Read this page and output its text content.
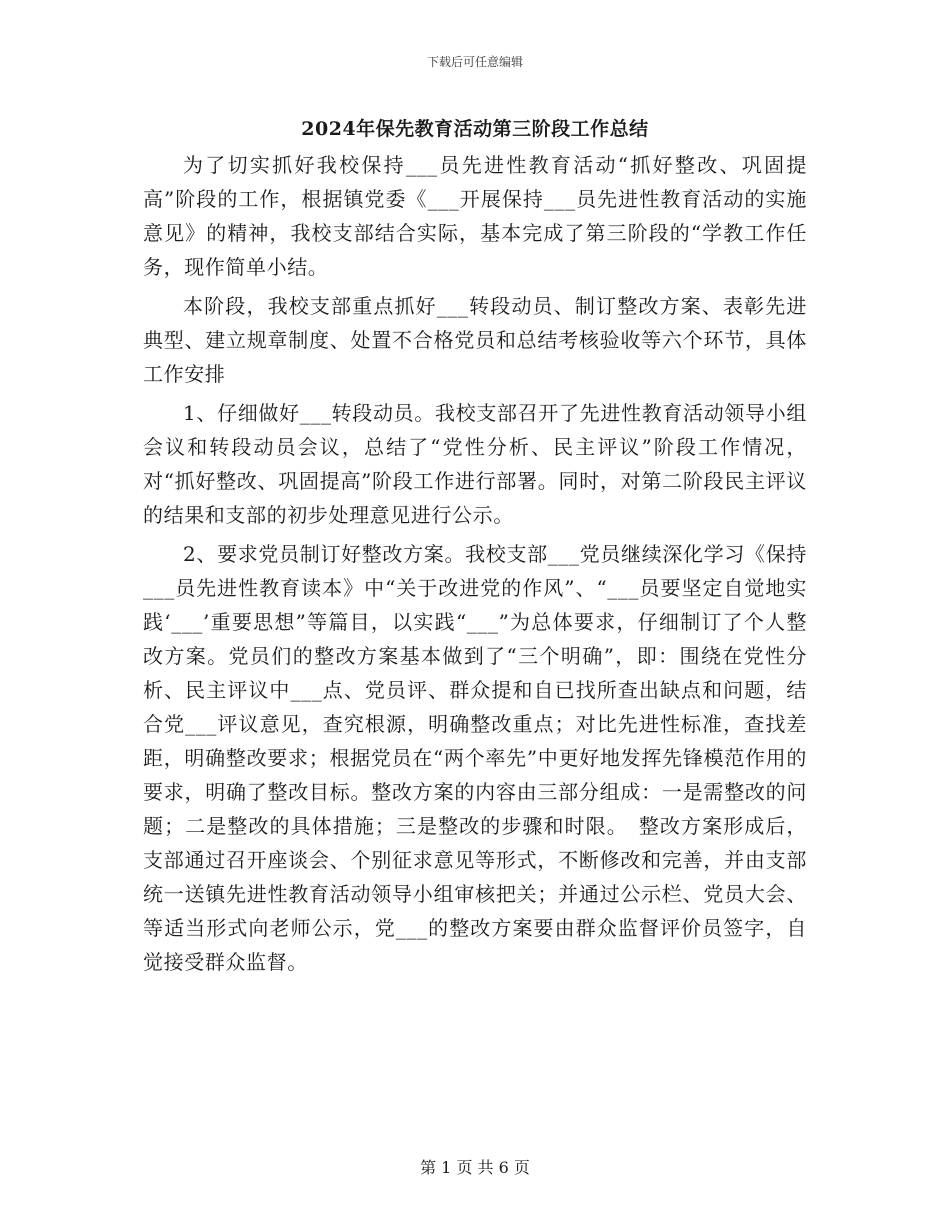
下载后可任意编辑
2024年保先教育活动第三阶段工作总结

为了切实抓好我校保持___员先进性教育活动“抓好整改、巩固提高”阶段的工作，根据镇党委《___开展保持___员先进性教育活动的实施意见》的精神，我校支部结合实际，基本完成了第三阶段的“学教工作任务，现作简单小结。

本阶段，我校支部重点抓好___转段动员、制订整改方案、表彰先进典型、建立规章制度、处置不合格党员和总结考核验收等六个环节，具体工作安排

1、仔细做好___转段动员。我校支部召开了先进性教育活动领导小组会议和转段动员会议，总结了“党性分析、民主评议”阶段工作情况，对“抓好整改、巩固提高”阶段工作进行部署。同时，对第二阶段民主评议的结果和支部的初步处理意见进行公示。

2、要求党员制订好整改方案。我校支部___党员继续深化学习《保持___员先进性教育读本》中“关于改进党的作风”、“___员要坚定自觉地实践‘___’重要思想”等篇目，以实践“___”为总体要求，仔细制订了个人整改方案。党员们的整改方案基本做到了“三个明确”，即：围绕在党性分析、民主评议中___点、党员评、群众提和自已找所查出缺点和问题，结合党___评议意见，查究根源，明确整改重点；对比先进性标准，查找差距，明确整改要求；根据党员在“两个率先”中更好地发挥先锋模范作用的要求，明确了整改目标。整改方案的内容由三部分组成：一是需整改的问题；二是整改的具体措施；三是整改的步骤和时限。　整改方案形成后，支部通过召开座谈会、个别征求意见等形式，不断修改和完善，并由支部统一送镇先进性教育活动领导小组审核把关；并通过公示栏、党员大会、等适当形式向老师公示，党___的整改方案要由群众监督评价员签字，自觉接受群众监督。

第 1 页 共 6 页
